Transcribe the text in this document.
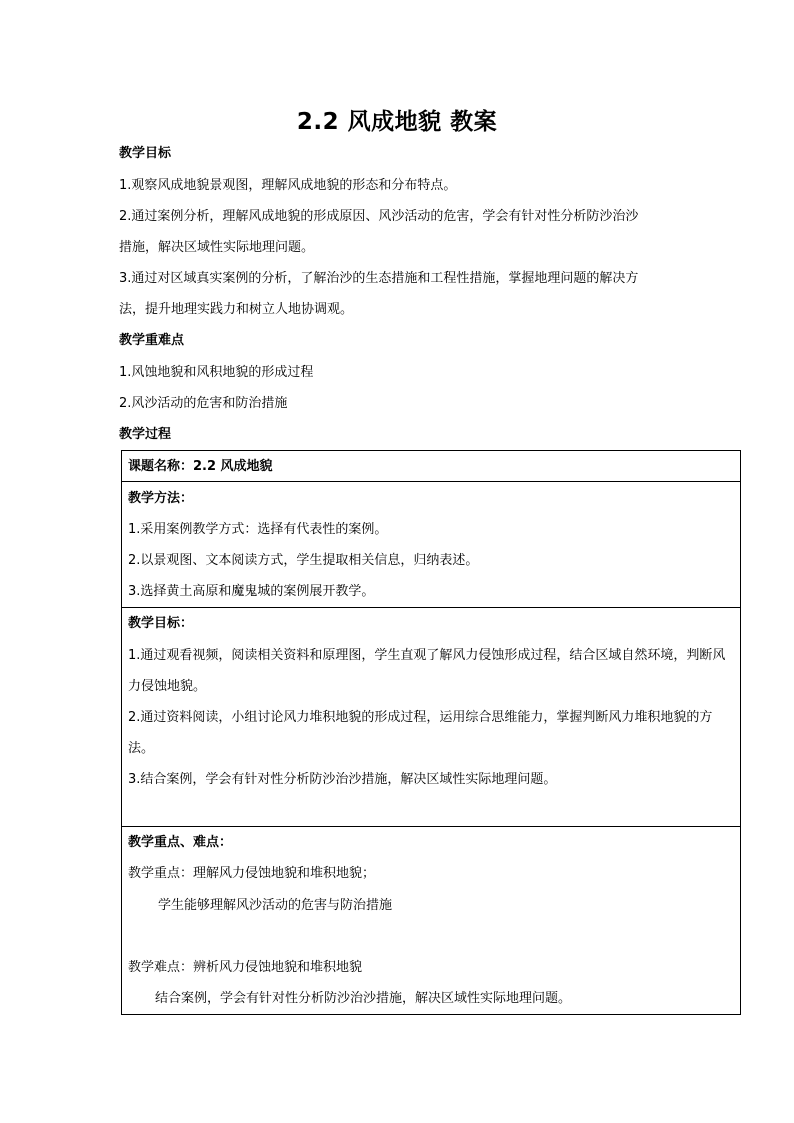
2.2 风成地貌 教案
教学目标
1.观察风成地貌景观图，理解风成地貌的形态和分布特点。
2.通过案例分析，理解风成地貌的形成原因、风沙活动的危害，学会有针对性分析防沙治沙
措施，解决区域性实际地理问题。
3.通过对区域真实案例的分析，了解治沙的生态措施和工程性措施，掌握地理问题的解决方
法，提升地理实践力和树立人地协调观。
教学重难点
1.风蚀地貌和风积地貌的形成过程
2.风沙活动的危害和防治措施
教学过程
课题名称：2.2 风成地貌

教学方法：
1.采用案例教学方式：选择有代表性的案例。
2.以景观图、文本阅读方式，学生提取相关信息，归纳表述。
3.选择黄土高原和魔鬼城的案例展开教学。

教学目标：
1.通过观看视频，阅读相关资料和原理图，学生直观了解风力侵蚀形成过程，结合区域自然环境，判断风力侵蚀地貌。
2.通过资料阅读，小组讨论风力堆积地貌的形成过程，运用综合思维能力，掌握判断风力堆积地貌的方法。
3.结合案例，学会有针对性分析防沙治沙措施，解决区域性实际地理问题。

教学重点、难点：
教学重点：理解风力侵蚀地貌和堆积地貌；
学生能够理解风沙活动的危害与防治措施
教学难点：辨析风力侵蚀地貌和堆积地貌
结合案例，学会有针对性分析防沙治沙措施，解决区域性实际地理问题。
